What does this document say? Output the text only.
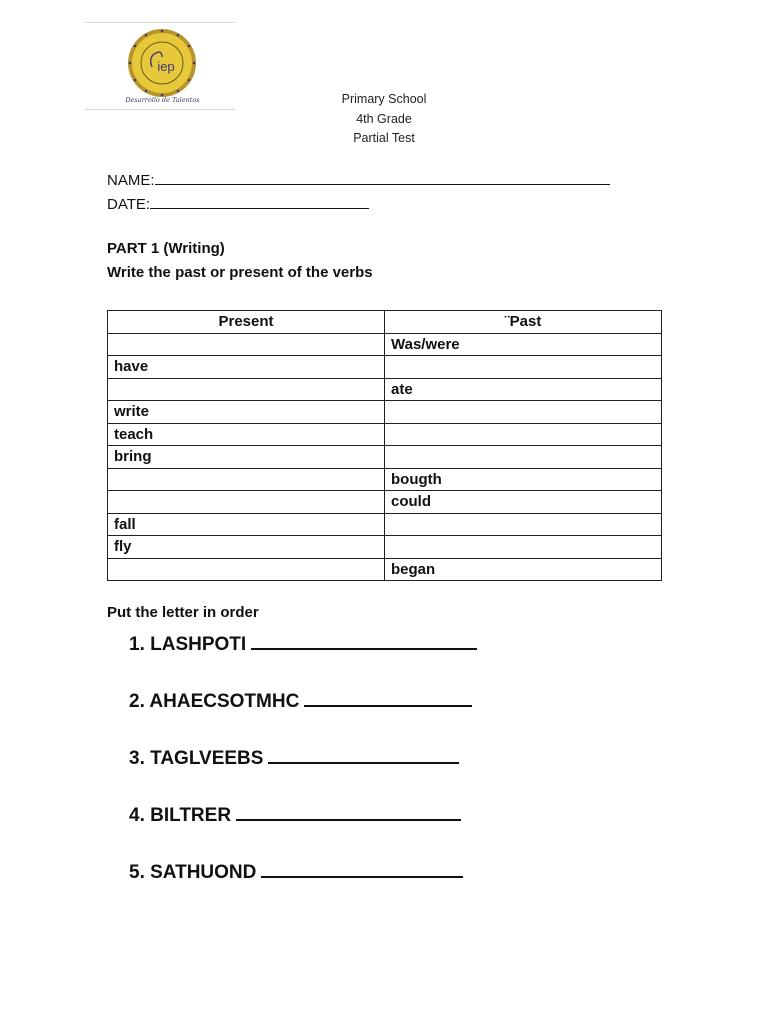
iep
Desarrollo de Talentos	Primary School
4th Grade
Partial Test
NAME:
DATE:
PART 1 (Writing)
Write the past or present of the verbs
Present	¨Past
	Was/were
have	
	ate
write	
teach	
bring	
	bougth
	could
fall	
fly	
	began
Put the letter in order
1. LASHPOTI
2. AHAECSOTMHC
3. TAGLVEEBS
4. BILTRER
5. SATHUOND
